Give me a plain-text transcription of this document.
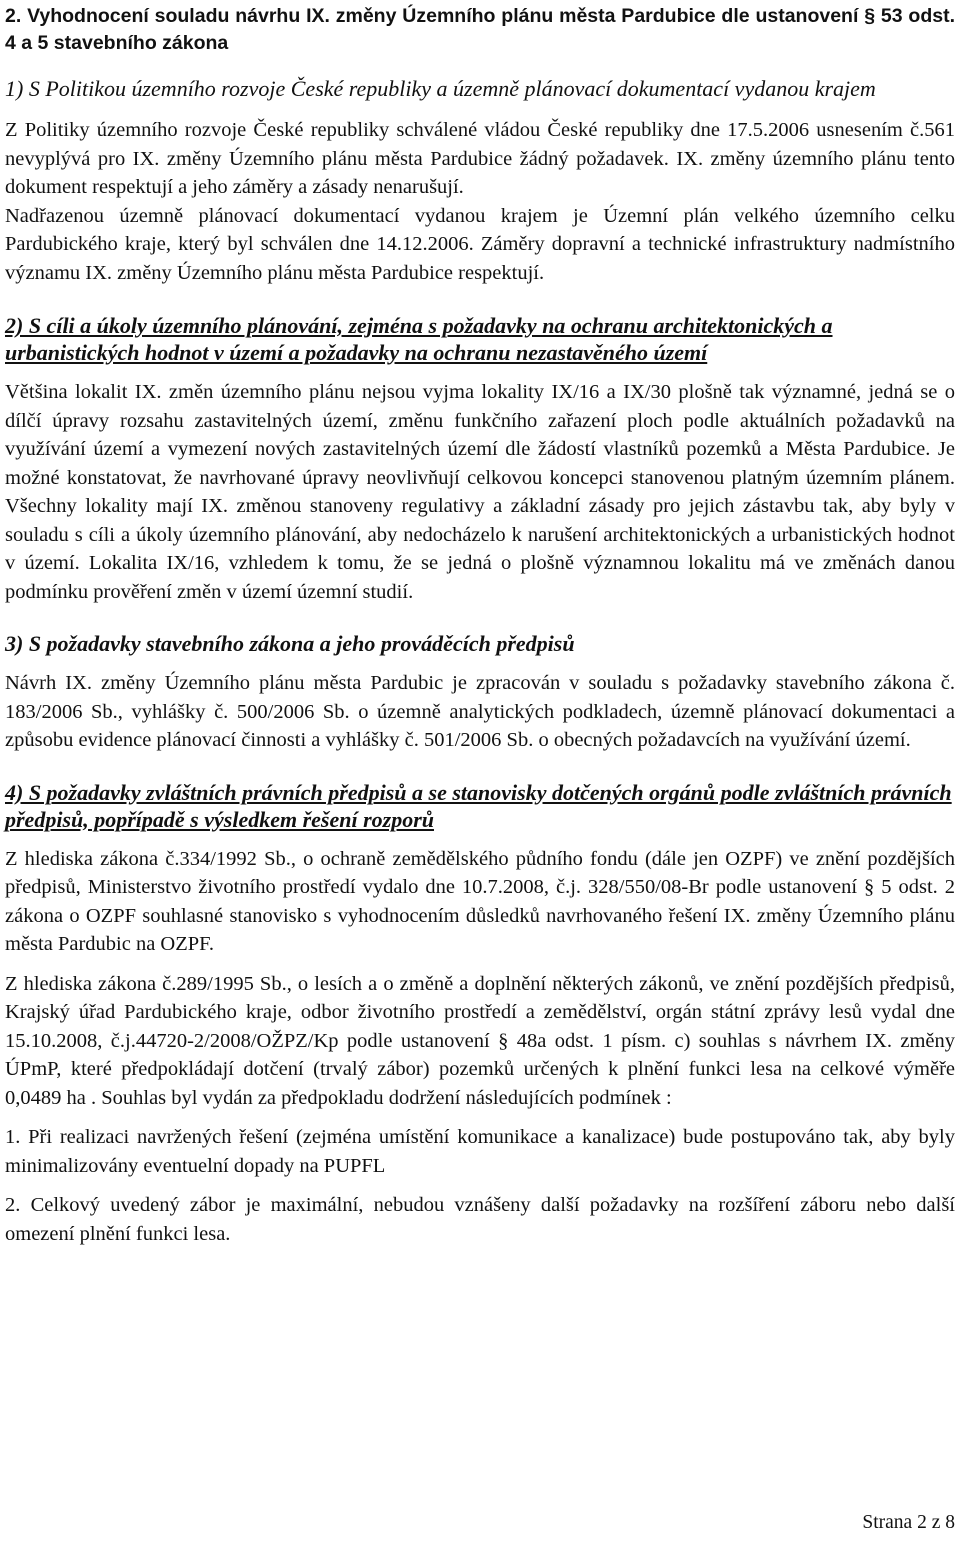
2. Vyhodnocení souladu návrhu IX. změny Územního plánu města Pardubice dle ustanovení § 53 odst. 4 a 5 stavebního zákona

1) S Politikou územního rozvoje České republiky a územně plánovací dokumentací vydanou krajem

Z Politiky územního rozvoje České republiky schválené vládou České republiky dne 17.5.2006 usnesením č.561 nevyplývá pro IX. změny Územního plánu města Pardubice žádný požadavek. IX. změny územního plánu tento dokument respektují a jeho záměry a zásady nenarušují.

Nadřazenou územně plánovací dokumentací vydanou krajem je Územní plán velkého územního celku Pardubického kraje, který byl schválen dne 14.12.2006. Záměry dopravní a technické infrastruktury nadmístního významu IX. změny Územního plánu města Pardubice respektují.

2) S cíli a úkoly územního plánování, zejména s požadavky na ochranu architektonických a urbanistických hodnot v území a požadavky na ochranu nezastavěného území

Většina lokalit IX. změn územního plánu nejsou vyjma lokality IX/16 a IX/30 plošně tak významné, jedná se o dílčí úpravy rozsahu zastavitelných území, změnu funkčního zařazení ploch podle aktuálních požadavků na využívání území a vymezení nových zastavitelných území dle žádostí vlastníků pozemků a Města Pardubice. Je možné konstatovat, že navrhované úpravy neovlivňují celkovou koncepci stanovenou platným územním plánem. Všechny lokality mají IX. změnou stanoveny regulativy a základní zásady pro jejich zástavbu tak, aby byly v souladu s cíli a úkoly územního plánování, aby nedocházelo k narušení architektonických a urbanistických hodnot v území. Lokalita IX/16, vzhledem k tomu, že se jedná o plošně významnou lokalitu má ve změnách danou podmínku prověření změn v území územní studií.

3) S požadavky stavebního zákona a jeho prováděcích předpisů

Návrh IX. změny Územního plánu města Pardubic je zpracován v souladu s požadavky stavebního zákona č. 183/2006 Sb., vyhlášky č. 500/2006 Sb. o územně analytických podkladech, územně plánovací dokumentaci a způsobu evidence plánovací činnosti a vyhlášky č. 501/2006 Sb. o obecných požadavcích na využívání území.

4) S požadavky zvláštních právních předpisů a se stanovisky dotčených orgánů podle zvláštních právních předpisů, popřípadě s výsledkem řešení rozporů

Z hlediska zákona č.334/1992 Sb., o ochraně zemědělského půdního fondu (dále jen OZPF) ve znění pozdějších předpisů, Ministerstvo životního prostředí vydalo dne 10.7.2008, č.j. 328/550/08-Br podle ustanovení § 5 odst. 2 zákona o OZPF souhlasné stanovisko s vyhodnocením důsledků navrhovaného řešení IX. změny Územního plánu města Pardubic na OZPF.

Z hlediska zákona č.289/1995 Sb., o lesích a o změně a doplnění některých zákonů, ve znění pozdějších předpisů, Krajský úřad Pardubického kraje, odbor životního prostředí a zemědělství, orgán státní zprávy lesů vydal dne 15.10.2008, č.j.44720-2/2008/OŽPZ/Kp podle ustanovení § 48a odst. 1 písm. c) souhlas s návrhem IX. změny ÚPmP, které předpokládají dotčení (trvalý zábor) pozemků určených k plnění funkci lesa na celkové výměře 0,0489 ha . Souhlas byl vydán za předpokladu dodržení následujících podmínek :

1. Při realizaci navržených řešení (zejména umístění komunikace a kanalizace) bude postupováno tak, aby byly minimalizovány eventuelní dopady na PUPFL

2. Celkový uvedený zábor je maximální, nebudou vznášeny další požadavky na rozšíření záboru nebo další omezení plnění funkci lesa.

Strana 2 z 8
